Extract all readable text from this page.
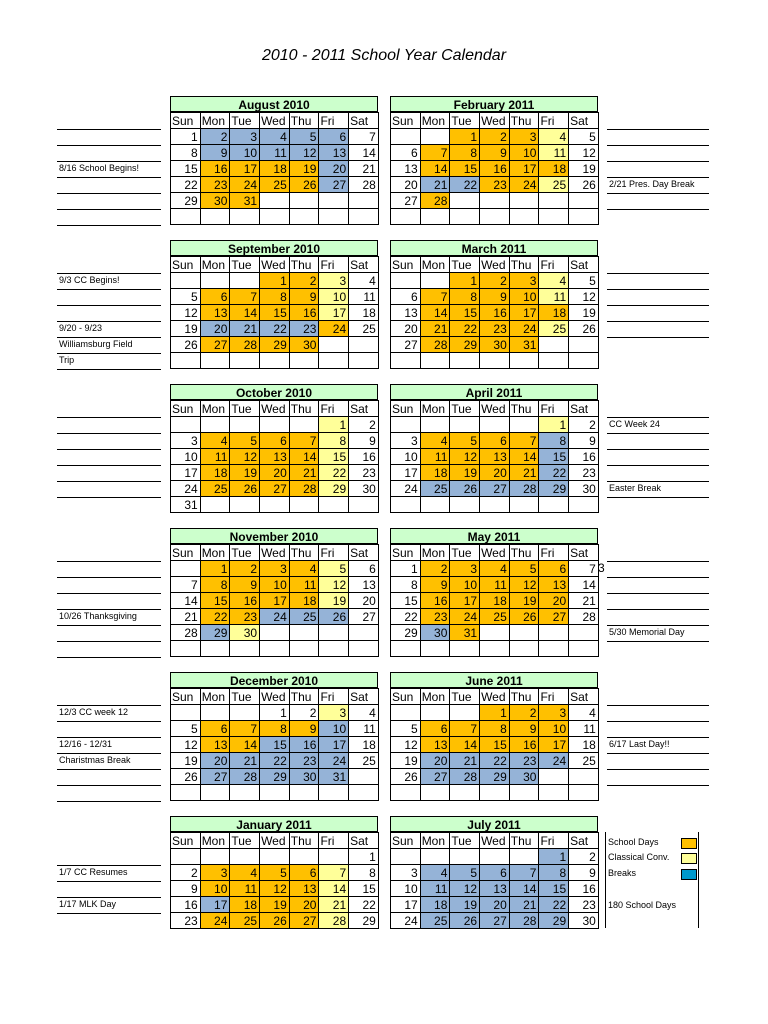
2010 - 2011 School Year Calendar
August 2010
Sun	Mon	Tue	Wed	Thu	Fri	Sat
1	2	3	4	5	6	7
8	9	10	11	12	13	14
15	16	17	18	19	20	21
22	23	24	25	26	27	28
29	30	31				

February 2011
Sun	Mon	Tue	Wed	Thu	Fri	Sat
		1	2	3	4	5
6	7	8	9	10	11	12
13	14	15	16	17	18	19
20	21	22	23	24	25	26
27	28					

September 2010
Sun	Mon	Tue	Wed	Thu	Fri	Sat
			1	2	3	4
5	6	7	8	9	10	11
12	13	14	15	16	17	18
19	20	21	22	23	24	25
26	27	28	29	30		

March 2011
Sun	Mon	Tue	Wed	Thu	Fri	Sat
		1	2	3	4	5
6	7	8	9	10	11	12
13	14	15	16	17	18	19
20	21	22	23	24	25	26
27	28	29	30	31		

October 2010
Sun	Mon	Tue	Wed	Thu	Fri	Sat
					1	2
3	4	5	6	7	8	9
10	11	12	13	14	15	16
17	18	19	20	21	22	23
24	25	26	27	28	29	30
31						
April 2011
Sun	Mon	Tue	Wed	Thu	Fri	Sat
					1	2
3	4	5	6	7	8	9
10	11	12	13	14	15	16
17	18	19	20	21	22	23
24	25	26	27	28	29	30

November 2010
Sun	Mon	Tue	Wed	Thu	Fri	Sat
	1	2	3	4	5	6
7	8	9	10	11	12	13
14	15	16	17	18	19	20
21	22	23	24	25	26	27
28	29	30				

May 2011
Sun	Mon	Tue	Wed	Thu	Fri	Sat
1	2	3	4	5	6	7
8	9	10	11	12	13	14
15	16	17	18	19	20	21
22	23	24	25	26	27	28
29	30	31				

December 2010
Sun	Mon	Tue	Wed	Thu	Fri	Sat
			1	2	3	4
5	6	7	8	9	10	11
12	13	14	15	16	17	18
19	20	21	22	23	24	25
26	27	28	29	30	31	

June 2011
Sun	Mon	Tue	Wed	Thu	Fri	Sat
			1	2	3	4
5	6	7	8	9	10	11
12	13	14	15	16	17	18
19	20	21	22	23	24	25
26	27	28	29	30		

January 2011
Sun	Mon	Tue	Wed	Thu	Fri	Sat
						1
2	3	4	5	6	7	8
9	10	11	12	13	14	15
16	17	18	19	20	21	22
23	24	25	26	27	28	29
July 2011
Sun	Mon	Tue	Wed	Thu	Fri	Sat
					1	2
3	4	5	6	7	8	9
10	11	12	13	14	15	16
17	18	19	20	21	22	23
24	25	26	27	28	29	30
8/16 School Begins!
9/3 CC Begins!
9/20 - 9/23
Williamsburg Field
Trip
10/26 Thanksgiving
12/3 CC week 12
12/16 - 12/31
Charistmas Break
1/7 CC Resumes
1/17 MLK Day
2/21 Pres. Day Break
CC Week 24
Easter Break
5/30 Memorial Day
6/17 Last Day!!
3
School Days
Classical Conv.
Breaks
180 School Days
